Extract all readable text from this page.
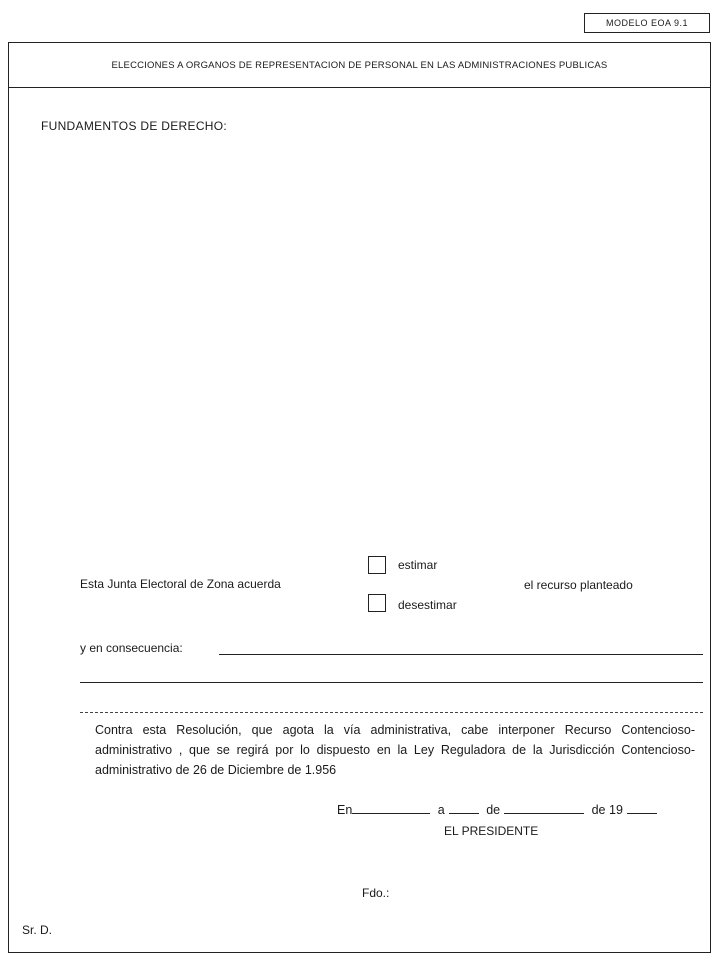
MODELO EOA 9.1
ELECCIONES A ORGANOS DE REPRESENTACION DE PERSONAL EN LAS ADMINISTRACIONES PUBLICAS
FUNDAMENTOS DE DERECHO:
Esta Junta Electoral de Zona acuerda
estimar
desestimar
el recurso planteado
y en consecuencia:

Contra esta Resolución, que agota la vía administrativa, cabe interponer Recurso Contencioso-administrativo , que se regirá por lo dispuesto en la Ley Reguladora de la Jurisdicción Contencioso-administrativo de 26 de Diciembre de 1.956

En	a	de	de 19
EL PRESIDENTE
Fdo.:
Sr. D.
